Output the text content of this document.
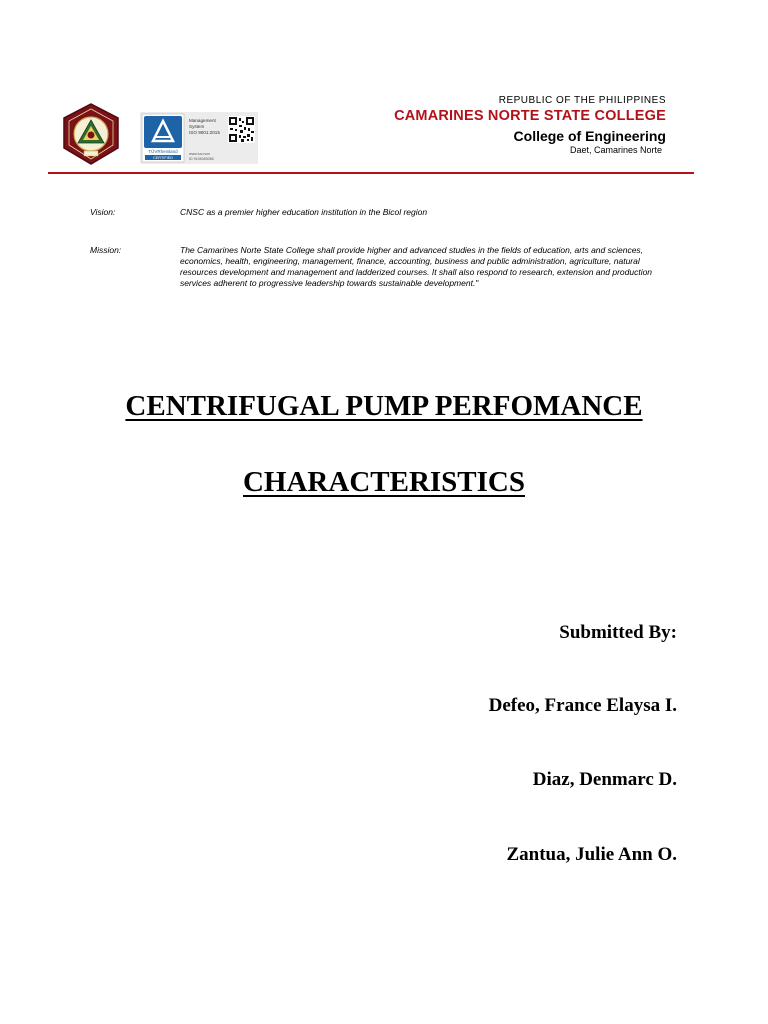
TÜVRheinland
CERTIFIED
Management
System
ISO 9001:2015
www.tuv.com
ID 9105083056
REPUBLIC OF THE PHILIPPINES
CAMARINES NORTE STATE COLLEGE
College of Engineering
Daet, Camarines Norte
Vision:	CNSC as a premier higher education institution in the Bicol region
Mission:	The Camarines Norte State College shall provide higher and advanced studies in the fields of education, arts and sciences,
economics, health, engineering, management, finance, accounting, business and public administration, agriculture, natural
resources development and management and ladderized courses. It shall also respond to research, extension and production
services adherent to progressive leadership towards sustainable development."
CENTRIFUGAL PUMP PERFOMANCE
CHARACTERISTICS
Submitted By:
Defeo, France Elaysa I.
Diaz, Denmarc D.
Zantua, Julie Ann O.
